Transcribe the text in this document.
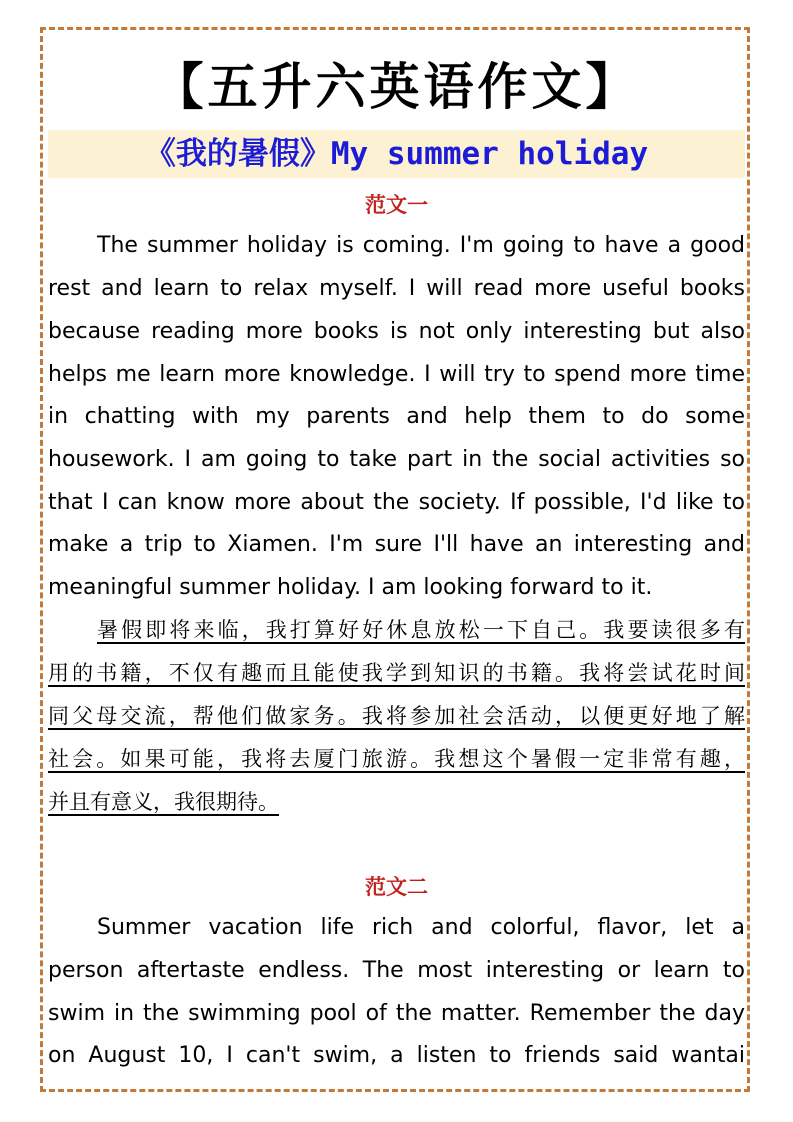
【五升六英语作文】
《我的暑假》My summer holiday
范文一
The summer holiday is coming. I'm going to have a good
rest and learn to relax myself. I will read more useful books
because reading more books is not only interesting but also
helps me learn more knowledge. I will try to spend more time
in chatting with my parents and help them to do some
housework. I am going to take part in the social activities so
that I can know more about the society. If possible, I'd like to
make a trip to Xiamen. I'm sure I'll have an interesting and
meaningful summer holiday. I am looking forward to it.
暑假即将来临，我打算好好休息放松一下自己。我要读很多有
用的书籍，不仅有趣而且能使我学到知识的书籍。我将尝试花时间
同父母交流，帮他们做家务。我将参加社会活动，以便更好地了解
社会。如果可能，我将去厦门旅游。我想这个暑假一定非常有趣，
并且有意义，我很期待。
范文二
Summer vacation life rich and colorful, flavor, let a
person aftertaste endless. The most interesting or learn to
swim in the swimming pool of the matter. Remember the day
on August 10, I can't swim, a listen to friends said wantai
